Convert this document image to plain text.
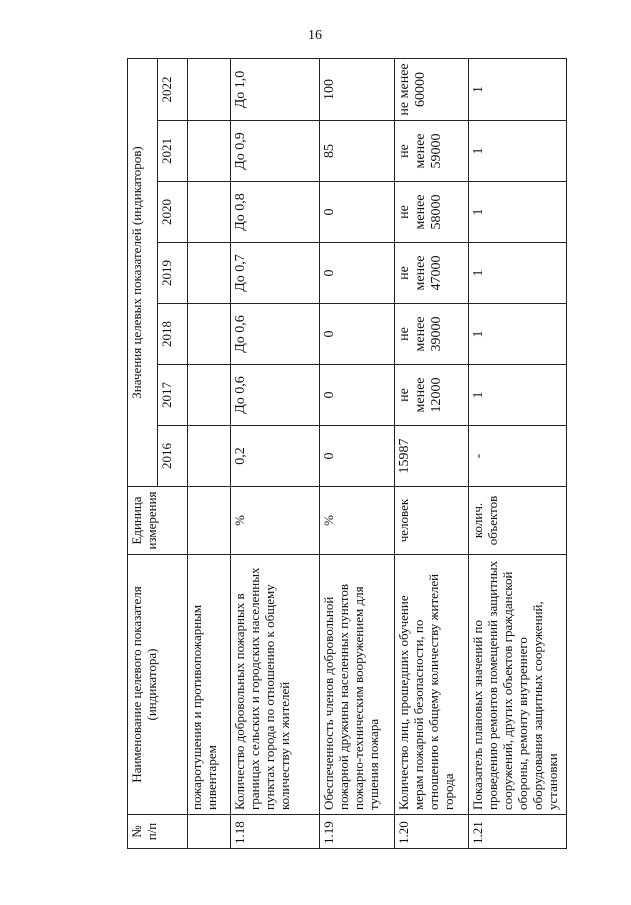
16
№
п/п	Наименование целевого показателя (индикатора)	Единица измерения	Значения целевых показателей (индикаторов)						
			2016	2017	2018	2019	2020	2021	2022
	пожаротушения и противопожарным инвентарем								
1.18	Количество добровольных пожарных в границах сельских и городских населенных пунктах города по отношению к общему количеству их жителей	%	0,2	До 0,6	До 0,6	До 0,7	До 0,8	До 0,9	До 1,0
1.19	Обеспеченность членов добровольной пожарной дружины населенных пунктов пожарно-техническим вооружением для тушения пожара	%	0	0	0	0	0	85	100
1.20	Количество лиц, прошедших обучение мерам пожарной безопасности, по отношению к общему количеству жителей города	человек	15987	не менее 12000	не менее 39000	не менее 47000	не менее 58000	не менее 59000	не менее 60000
1.21	Показатель плановых значений по проведению ремонтов помещений защитных сооружений, других объектов гражданской обороны, ремонту внутреннего оборудования защитных сооружений, установки	колич. объектов	-	1	1	1	1	1	1
